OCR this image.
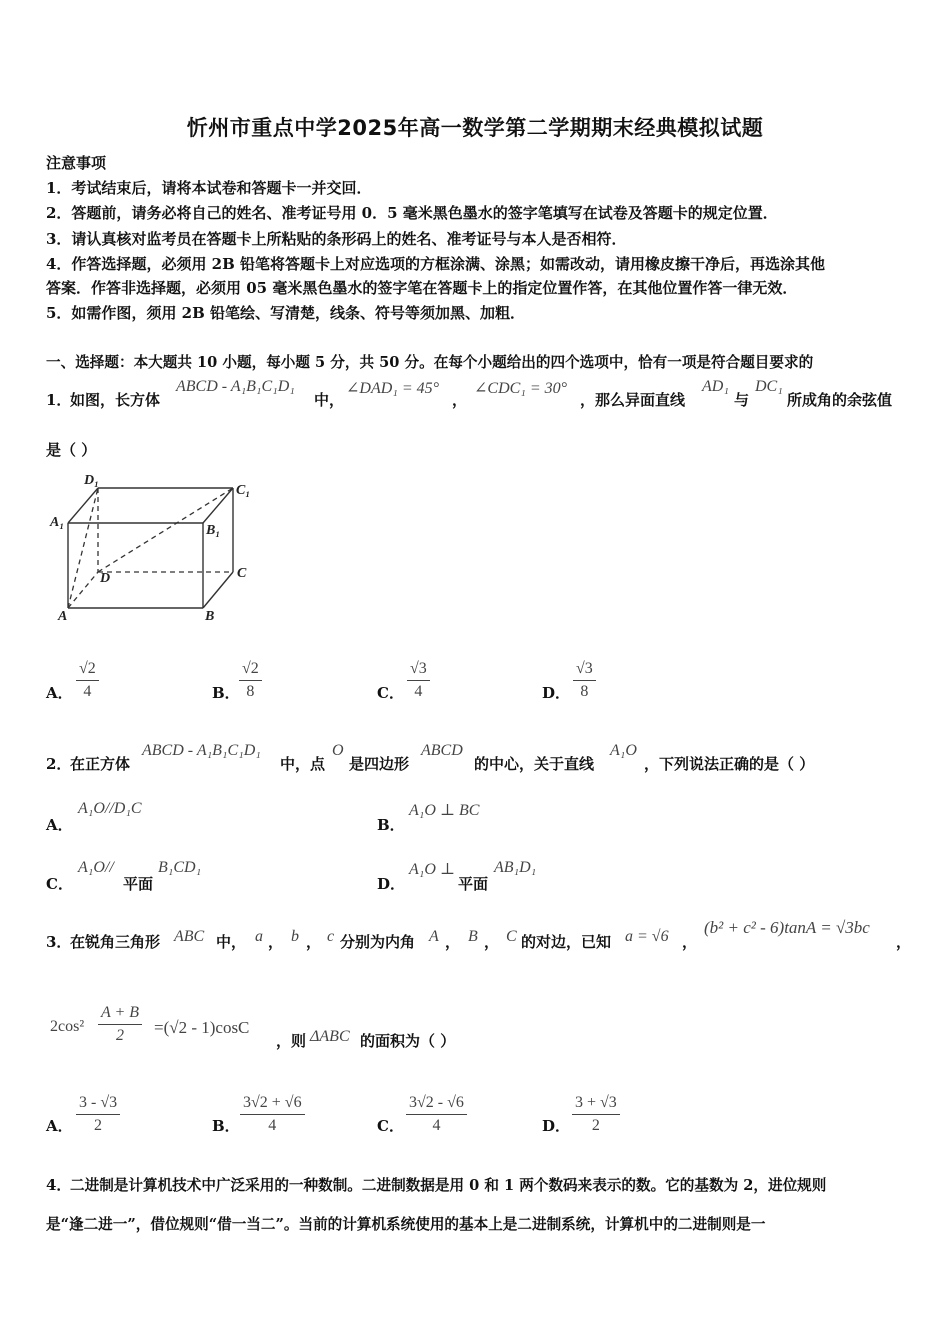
忻州市重点中学2025年高一数学第二学期期末经典模拟试题
注意事项
1．考试结束后，请将本试卷和答题卡一并交回．
2．答题前，请务必将自己的姓名、准考证号用 0．5 毫米黑色墨水的签字笔填写在试卷及答题卡的规定位置．
3．请认真核对监考员在答题卡上所粘贴的条形码上的姓名、准考证号与本人是否相符．
4．作答选择题，必须用 2B 铅笔将答题卡上对应选项的方框涂满、涂黑；如需改动，请用橡皮擦干净后，再选涂其他
答案．作答非选择题，必须用 05 毫米黑色墨水的签字笔在答题卡上的指定位置作答，在其他位置作答一律无效．
5．如需作图，须用 2B 铅笔绘、写清楚，线条、符号等须加黑、加粗．
一、选择题：本大题共 10 小题，每小题 5 分，共 50 分。在每个小题给出的四个选项中，恰有一项是符合题目要求的
1．
如图，长方体
ABCD - A₁B₁C₁D₁
中，
∠DAD₁ = 45°
，
∠CDC₁ = 30°
，那么异面直线
AD₁
与
DC₁
所成角的余弦值
是（ ）
D₁
C₁
A₁
B₁
D	C
A	B
A． $\frac{√2}{4}$	B． $\frac{√2}{8}$	C． $\frac{√3}{4}$	D． $\frac{√3}{8}$
2．
在正方体
ABCD - A₁B₁C₁D₁
中，点
O
是四边形
ABCD
的中心，关于直线
A₁O
，下列说法正确的是（ ）
A．
A₁O//D₁C
B．
A₁O ⊥ BC
C．
A₁O//
平面
B₁CD₁
D．
A₁O ⊥
平面
AB₁D₁
3．
在锐角三角形 ABC 中， a ， b ， c 分别为内角 A ， B ， C 的对边，已知 a = √6 ，
(b² + c² - 6)tanA = √3bc
，
$2\cos^2 \frac{A + B}{2} =(√2 - 1)\cos C$
，则 ΔABC 的面积为（ ）
A． $\frac{3 - √3}{2}$	B． $\frac{3√2 + √6}{4}$	C． $\frac{3√2 - √6}{4}$	D． $\frac{3 + √3}{2}$
4．
二进制是计算机技术中广泛采用的一种数制。二进制数据是用 0 和 1 两个数码来表示的数。它的基数为 2，进位规则
是“逢二进一”，借位规则“借一当二”。当前的计算机系统使用的基本上是二进制系统，计算机中的二进制则是一
